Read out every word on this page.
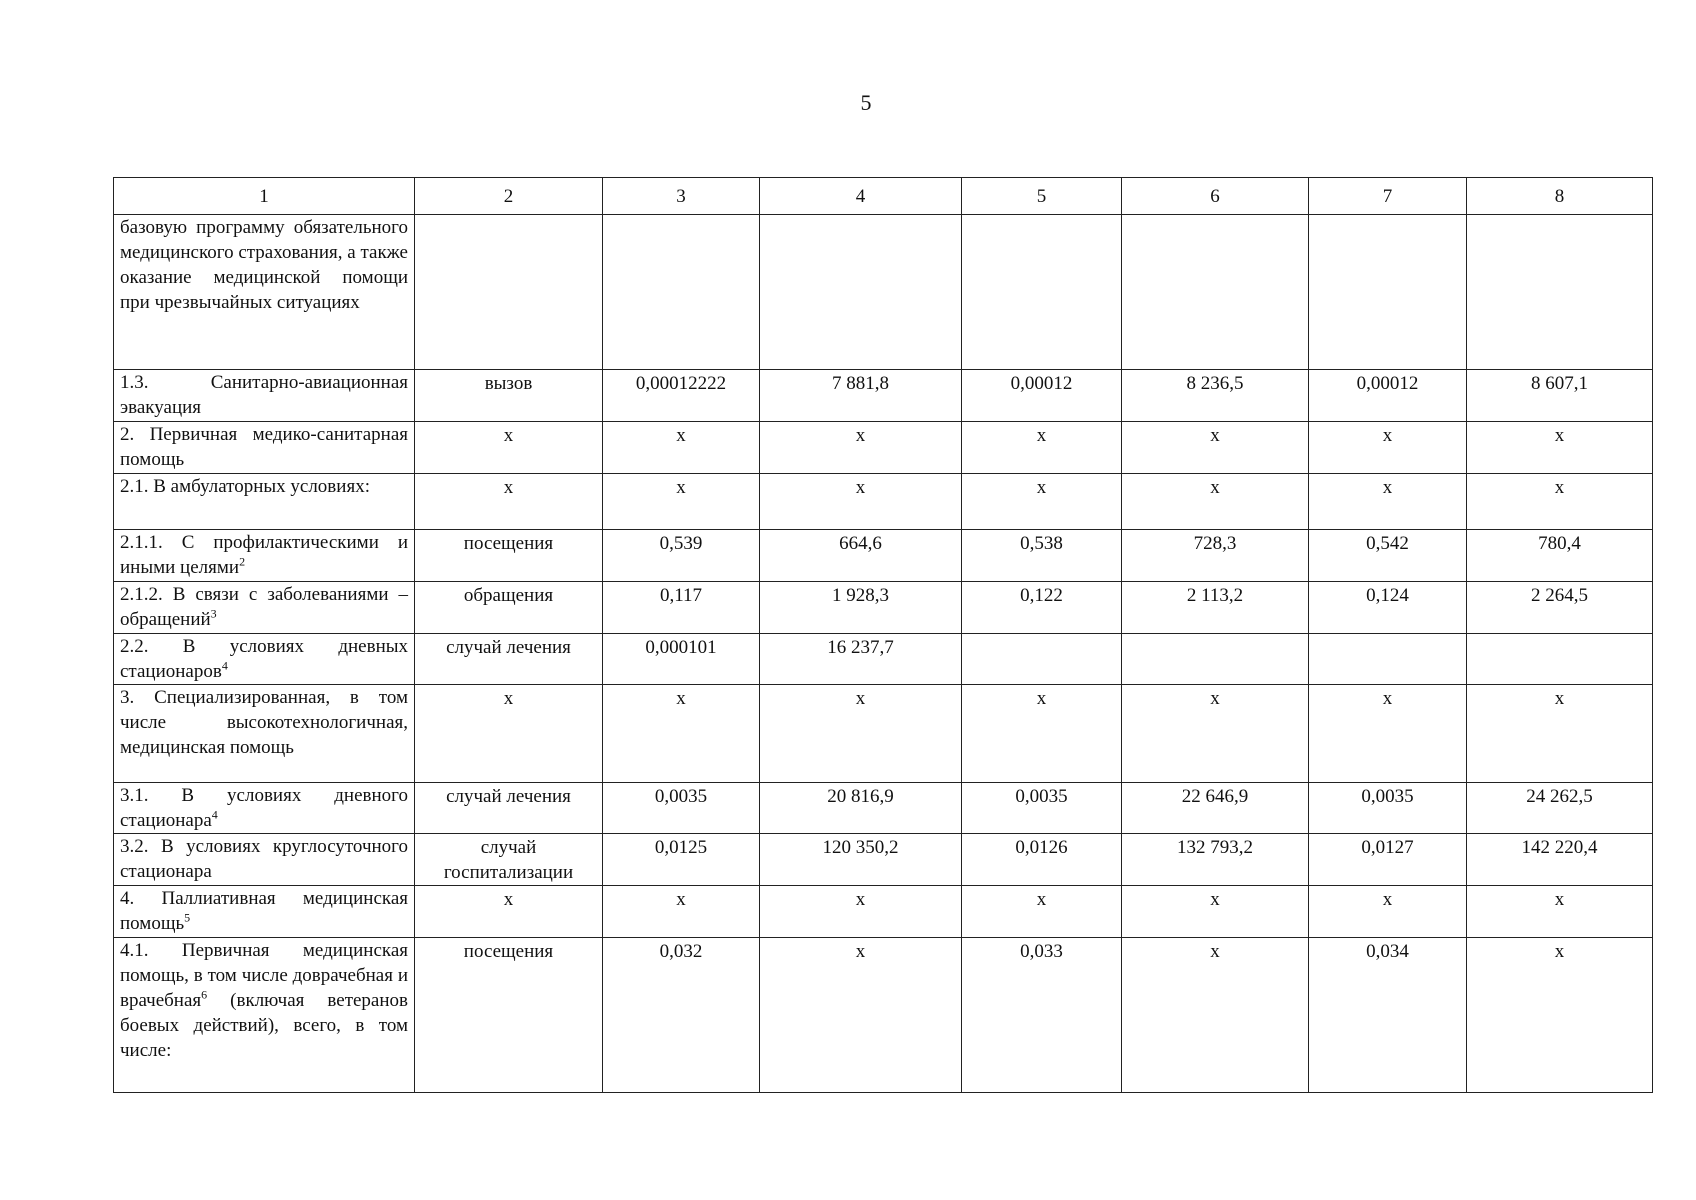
5
1	2	3	4	5	6	7	8
базовую программу обязательного медицинского страхования, а также оказание медицинской помощи при чрезвычайных ситуациях	

1.3. Санитарно-авиационная эвакуация	вызов	0,00012222	7 881,8	0,00012	8 236,5	0,00012	8 607,1

2. Первичная медико-санитарная помощь	х	х	х	х	х	х	х

2.1. В амбулаторных условиях:	х	х	х	х	х	х	х

2.1.1. С профилактическими и иными целями$^2$	посещения	0,539	664,6	0,538	728,3	0,542	780,4

2.1.2. В связи с заболеваниями – обращений$^3$	обращения	0,117	1 928,3	0,122	2 113,2	0,124	2 264,5

2.2. В условиях дневных стационаров$^4$	случай лечения	0,000101	16 237,7				

3. Специализированная, в том числе высокотехнологичная, медицинская помощь	х	х	х	х	х	х	х

3.1. В условиях дневного стационара$^4$	случай лечения	0,0035	20 816,9	0,0035	22 646,9	0,0035	24 262,5

3.2. В условиях круглосуточного стационара	случай госпитализации	0,0125	120 350,2	0,0126	132 793,2	0,0127	142 220,4

4. Паллиативная медицинская помощь$^5$	х	х	х	х	х	х	х

4.1. Первичная медицинская помощь, в том числе доврачебная и врачебная$^6$ (включая ветеранов боевых действий), всего, в том числе:	посещения	0,032	х	0,033	х	0,034	х
